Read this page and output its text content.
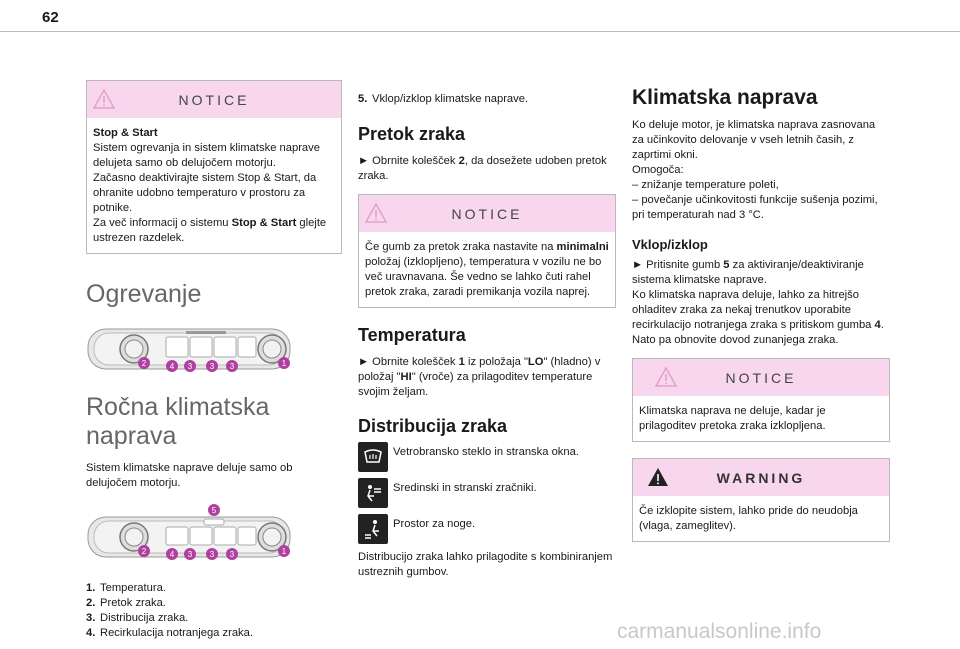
62
NOTICE
Stop & Start
Sistem ogrevanja in sistem klimatske naprave delujeta samo ob delujočem motorju.
Začasno deaktivirajte sistem Stop & Start, da ohranite udobno temperaturo v prostoru za potnike.
Za več informacij o sistemu Stop & Start glejte ustrezen razdelek.
Ogrevanje
2	4 3 3 3	1
Ročna klimatska naprava

Sistem klimatske naprave deluje samo ob delujočem motorju.

5
2	4 3 3 3	1
1. Temperatura.
2. Pretok zraka.
3. Distribucija zraka.
4. Recirkulacija notranjega zraka.
5. Vklop/izklop klimatske naprave.
Pretok zraka

► Obrnite kolešček 2, da dosežete udoben pretok zraka.

NOTICE
Če gumb za pretok zraka nastavite na minimalni položaj (izklopljeno), temperatura v vozilu ne bo več uravnavana. Še vedno se lahko čuti rahel pretok zraka, zaradi premikanja vozila naprej.
Temperatura

► Obrnite kolešček 1 iz položaja "LO" (hladno) v položaj "HI" (vroče) za prilagoditev temperature svojim željam.

Distribucija zraka

Vetrobransko steklo in stranska okna.

Sredinski in stranski zračniki.

Prostor za noge.

Distribucijo zraka lahko prilagodite s kombiniranjem ustreznih gumbov.

Klimatska naprava

Ko deluje motor, je klimatska naprava zasnovana za učinkovito delovanje v vseh letnih časih, z zaprtimi okni.

Omogoča:

– znižanje temperature poleti,

– povečanje učinkovitosti funkcije sušenja pozimi, pri temperaturah nad 3 °C.

Vklop/izklop

► Pritisnite gumb 5 za aktiviranje/deaktiviranje sistema klimatske naprave.

Ko klimatska naprava deluje, lahko za hitrejšo ohladitev zraka za nekaj trenutkov uporabite recirkulacijo notranjega zraka s pritiskom gumba 4. Nato pa obnovite dovod zunanjega zraka.

NOTICE
Klimatska naprava ne deluje, kadar je prilagoditev pretoka zraka izklopljena.
WARNING
Če izklopite sistem, lahko pride do neudobja (vlaga, zameglitev).
carmanualsonline.info
